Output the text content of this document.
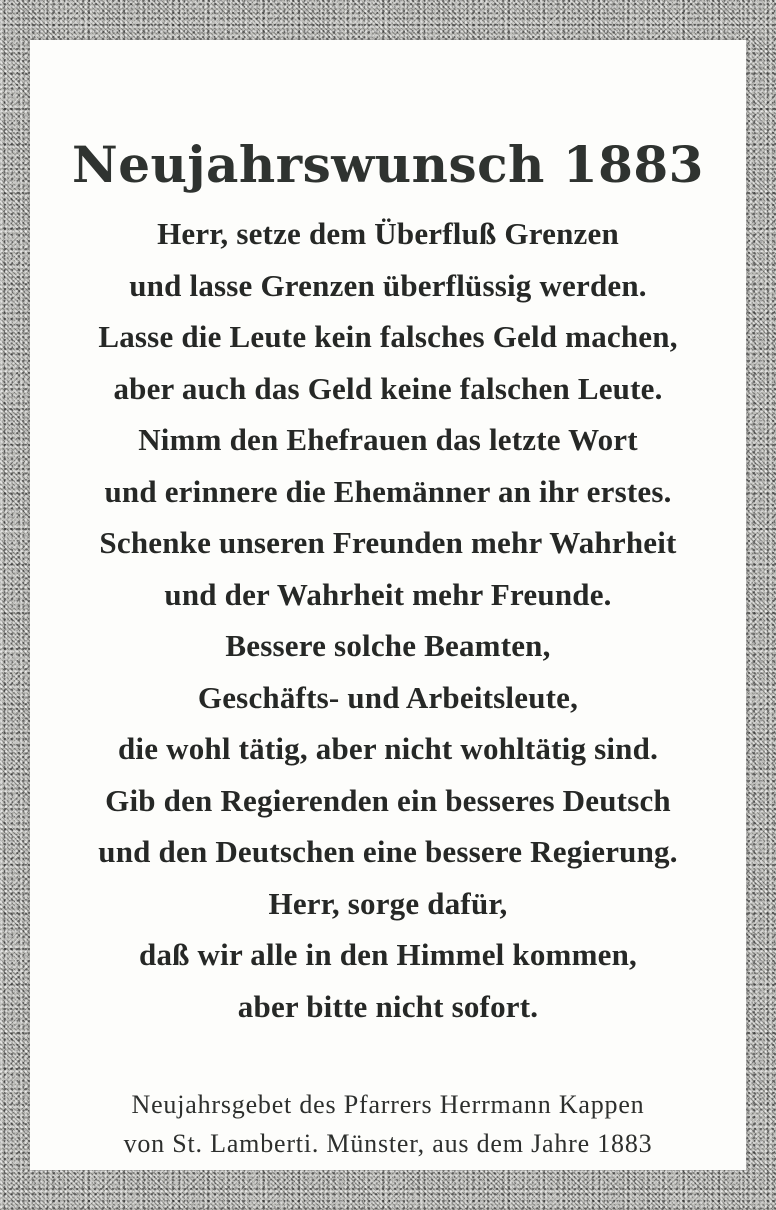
Neujahrswunsch 1883
Herr, setze dem Überfluß Grenzen
und lasse Grenzen überflüssig werden.
Lasse die Leute kein falsches Geld machen,
aber auch das Geld keine falschen Leute.
Nimm den Ehefrauen das letzte Wort
und erinnere die Ehemänner an ihr erstes.
Schenke unseren Freunden mehr Wahrheit
und der Wahrheit mehr Freunde.
Bessere solche Beamten,
Geschäfts- und Arbeitsleute,
die wohl tätig, aber nicht wohltätig sind.
Gib den Regierenden ein besseres Deutsch
und den Deutschen eine bessere Regierung.
Herr, sorge dafür,
daß wir alle in den Himmel kommen,
aber bitte nicht sofort.
Neujahrsgebet des Pfarrers Herrmann Kappen
von St. Lamberti. Münster, aus dem Jahre 1883
